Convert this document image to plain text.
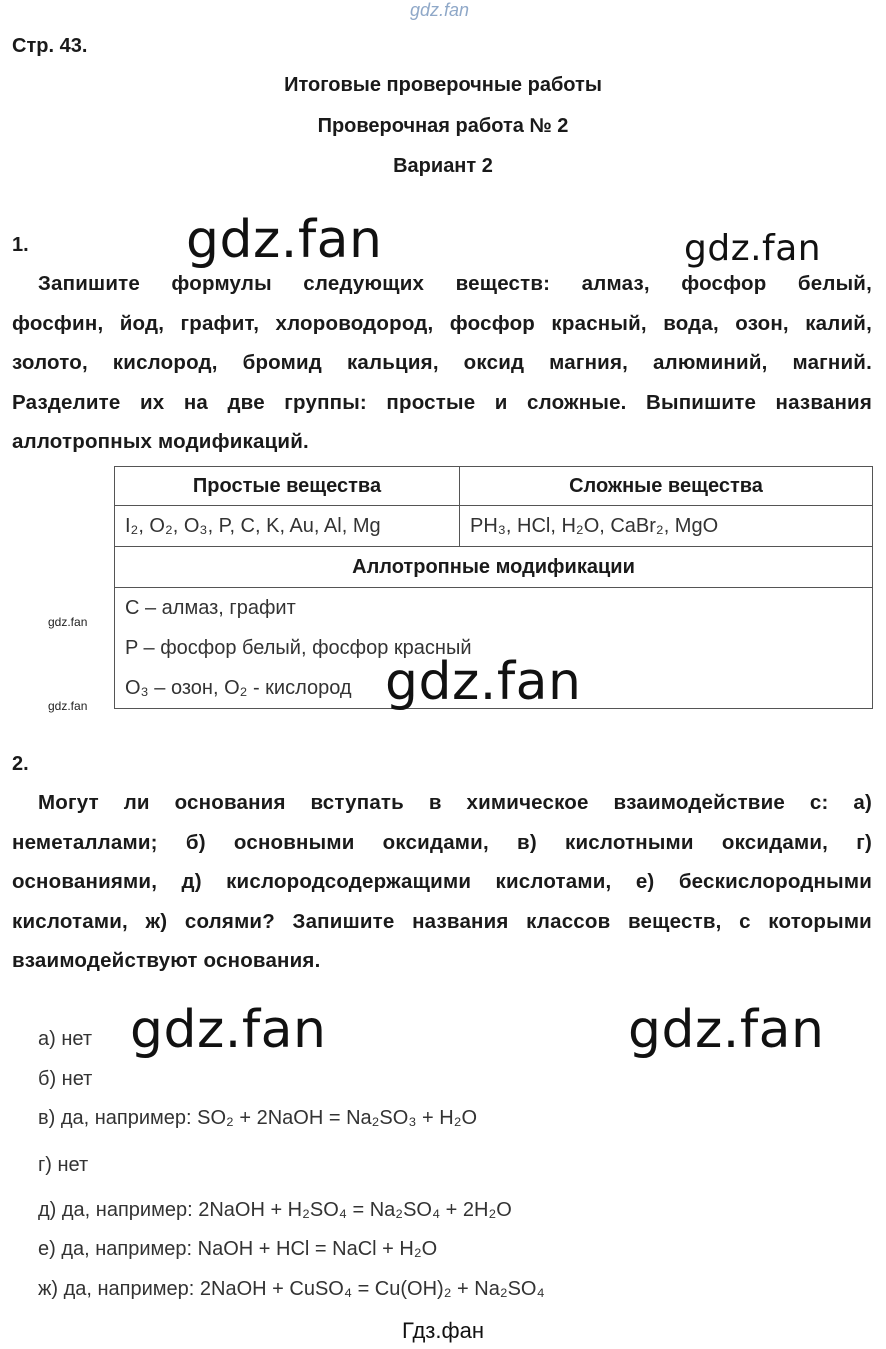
gdz.fan
Стр. 43.
Итоговые проверочные работы
Проверочная работа № 2
Вариант 2
1.	gdz.fan	gdz.fan
Запишите формулы следующих веществ: алмаз, фосфор белый,
фосфин, йод, графит, хлороводород, фосфор красный, вода, озон, калий,
золото, кислород, бромид кальция, оксид магния, алюминий, магний.
Разделите их на две группы: простые и сложные. Выпишите названия
аллотропных модификаций.
Простые вещества	Сложные вещества
I₂, O₂, O₃, P, C, K, Au, Al, Mg	PH₃, HCl, H₂O, CaBr₂, MgO
Аллотропные модификации	

C – алмаз, графит
P – фосфор белый, фосфор красный
O₃ – озон, O₂ - кислород	
gdz.fan
gdz.fan	gdz.fan
2.
Могут ли основания вступать в химическое взаимодействие с: а)
неметаллами; б) основными оксидами, в) кислотными оксидами, г)
основаниями, д) кислородсодержащими кислотами, е) бескислородными
кислотами, ж) солями? Запишите названия классов веществ, с которыми
взаимодействуют основания.
gdz.fan	gdz.fan
а) нет
б) нет
в) да, например: SO₂ + 2NaOH = Na₂SO₃ + H₂O
г) нет
д) да, например: 2NaOH + H₂SO₄ = Na₂SO₄ + 2H₂O
е) да, например: NaOH + HCl = NaCl + H₂O
ж) да, например: 2NaOH + CuSO₄ = Cu(OH)₂ + Na₂SO₄
Гдз.фан
